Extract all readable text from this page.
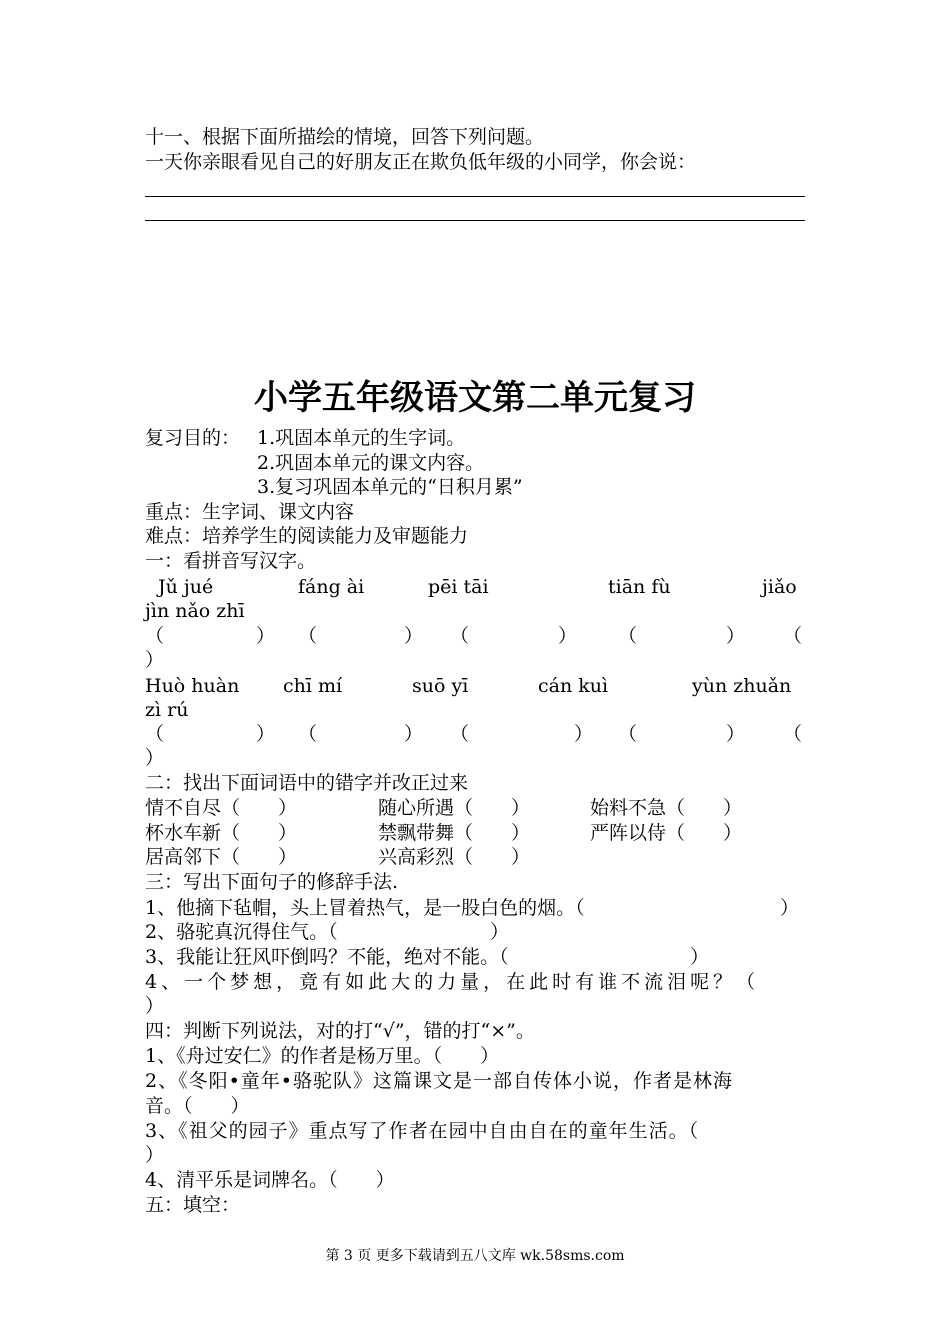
十一、根据下面所描绘的情境，回答下列问题。
一天你亲眼看见自己的好朋友正在欺负低年级的小同学，你会说：
小学五年级语文第二单元复习
复习目的： 1.巩固本单元的生字词。
2.巩固本单元的课文内容。
3.复习巩固本单元的“日积月累”
重点：生字词、课文内容
难点：培养学生的阅读能力及审题能力
一：看拼音写汉字。
Jǔ jué	fáng ài	pēi tāi	tiān fù	jiǎo
jìn nǎo zhī
（	） （	） （	） （	） （
）
Huò huàn chī mí	suō yī	cán kuì	yùn zhuǎn
zì rú
（	） （	） （	） （	） （
）
二：找出下面词语中的错字并改正过来
情不自尽（　　）	随心所遇（　　）	始料不急（　　）
杯水车新（　　）	禁飘带舞（　　）	严阵以侍（　　）
居高邻下（　　）	兴高彩烈（　　）
三：写出下面句子的修辞手法.
1、他摘下毡帽，头上冒着热气，是一股白色的烟。（	）
2、骆驼真沉得住气。（	）
3、我能让狂风吓倒吗？不能，绝对不能。（	）
4、一个梦想，竟有如此大的力量，在此时有谁不流泪呢？（
）
四：判断下列说法，对的打“√”，错的打“×”。
1、《舟过安仁》的作者是杨万里。（　　）
2、《冬阳•童年•骆驼队》这篇课文是一部自传体小说，作者是林海
音。（　　）
3、《祖父的园子》重点写了作者在园中自由自在的童年生活。（
）
4、清平乐是词牌名。（　　）
五：填空：
第 3 页 更多下载请到五八文库 wk.58sms.com
